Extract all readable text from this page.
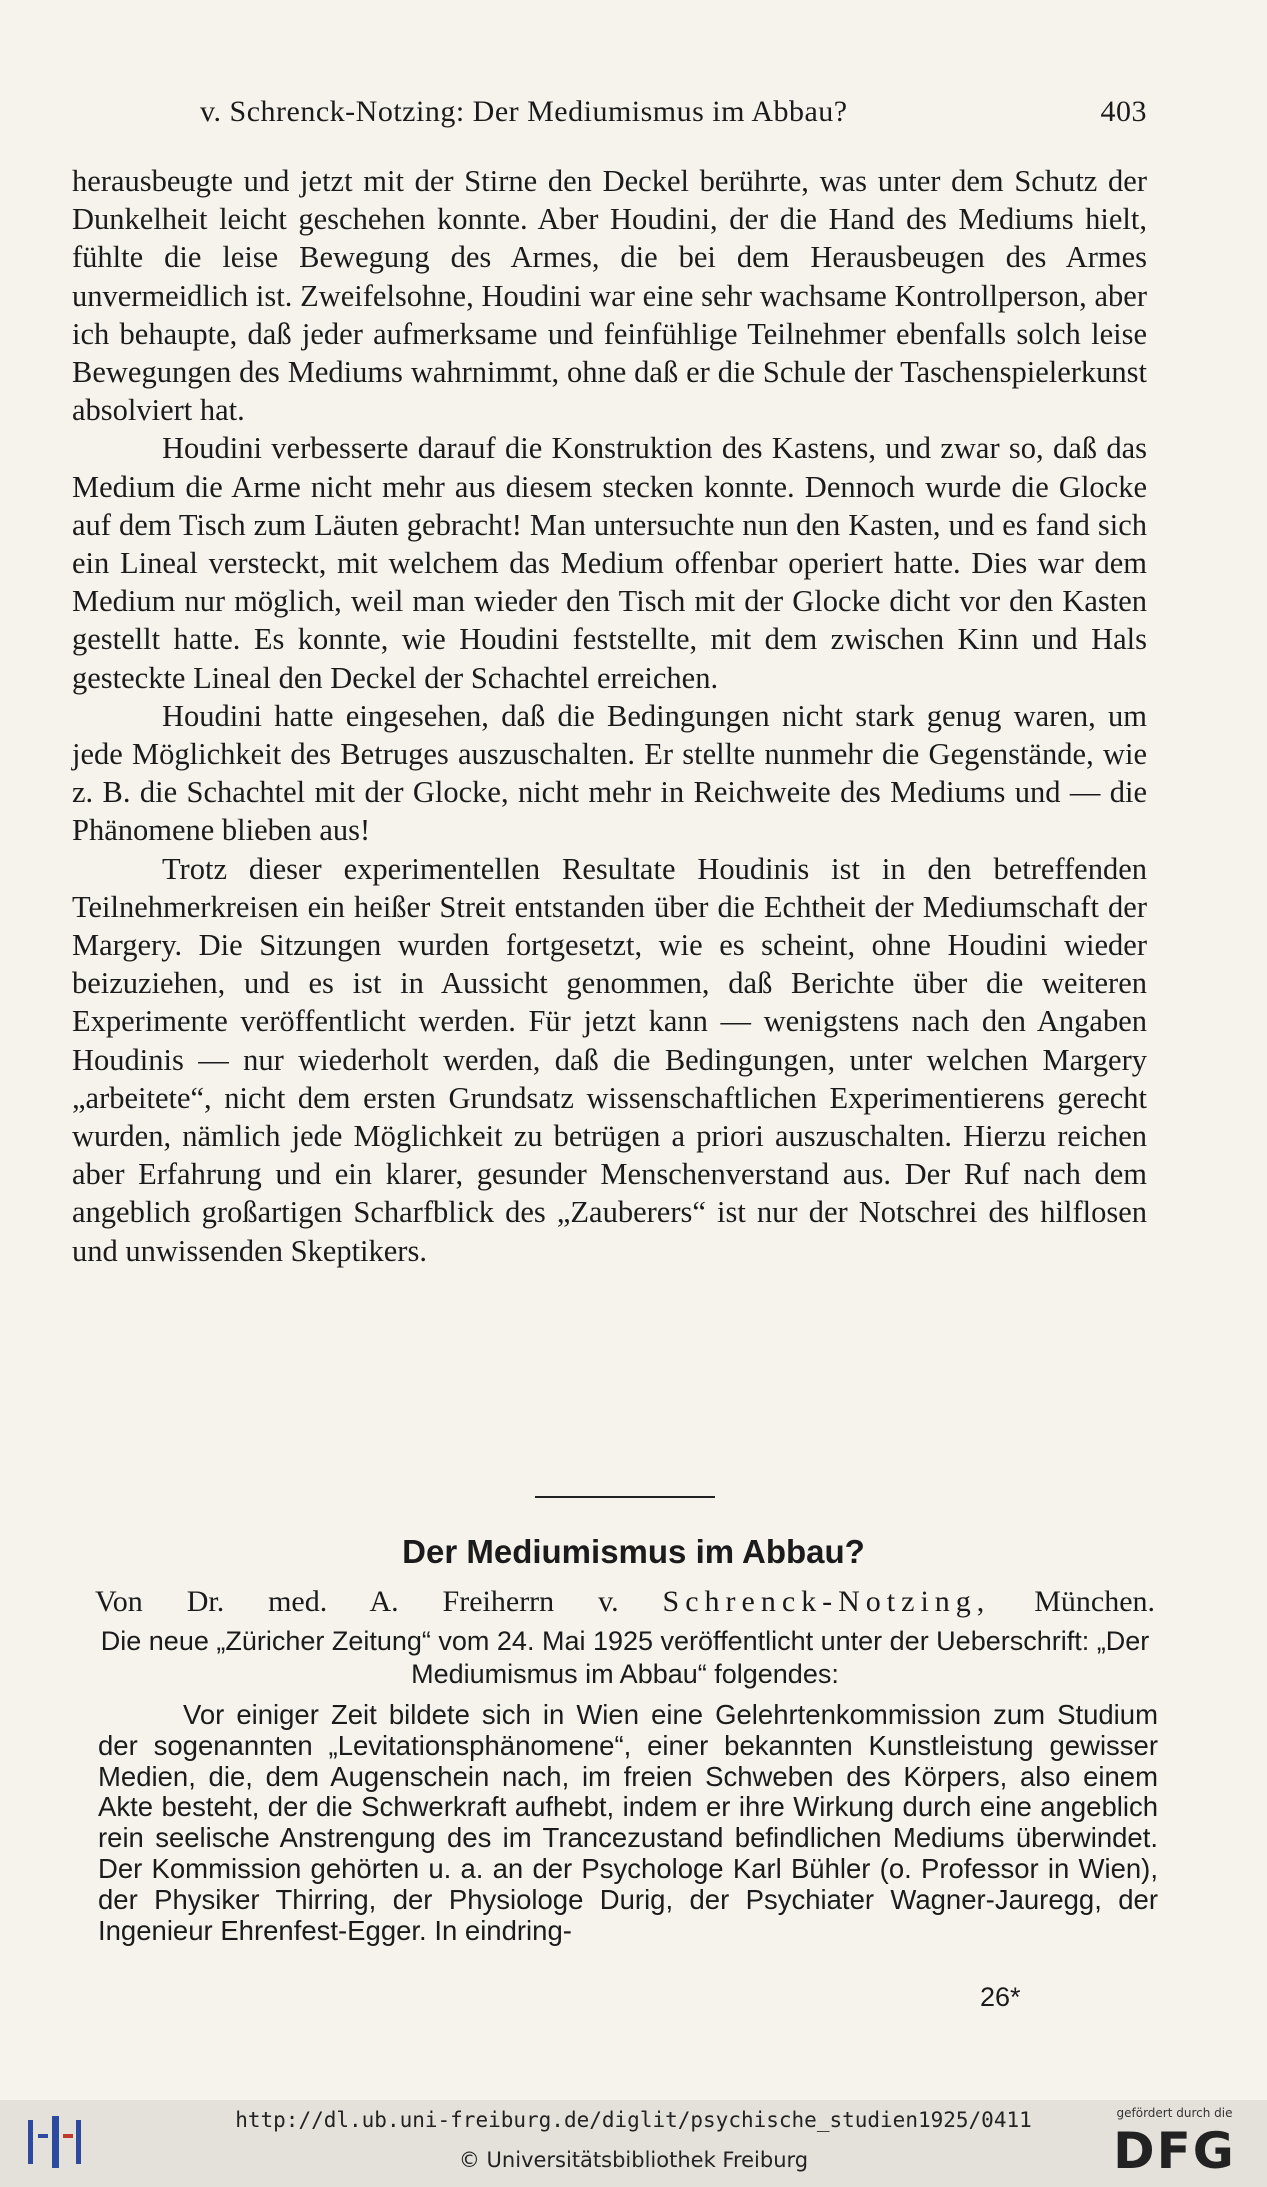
v. Schrenck-Notzing: Der Mediumismus im Abbau?	403

herausbeugte und jetzt mit der Stirne den Deckel berührte, was unter dem Schutz der Dunkelheit leicht geschehen konnte. Aber Houdini, der die Hand des Mediums hielt, fühlte die leise Bewegung des Armes, die bei dem Herausbeugen des Armes unvermeidlich ist. Zweifelsohne, Houdini war eine sehr wachsame Kontrollperson, aber ich behaupte, daß jeder aufmerksame und feinfühlige Teilnehmer ebenfalls solch leise Bewegungen des Mediums wahrnimmt, ohne daß er die Schule der Taschenspielerkunst absolviert hat.

Houdini verbesserte darauf die Konstruktion des Kastens, und zwar so, daß das Medium die Arme nicht mehr aus diesem stecken konnte. Dennoch wurde die Glocke auf dem Tisch zum Läuten gebracht! Man untersuchte nun den Kasten, und es fand sich ein Lineal versteckt, mit welchem das Medium offenbar operiert hatte. Dies war dem Medium nur möglich, weil man wieder den Tisch mit der Glocke dicht vor den Kasten gestellt hatte. Es konnte, wie Houdini feststellte, mit dem zwischen Kinn und Hals gesteckte Lineal den Deckel der Schachtel erreichen.

Houdini hatte eingesehen, daß die Bedingungen nicht stark genug waren, um jede Möglichkeit des Betruges auszuschalten. Er stellte nunmehr die Gegenstände, wie z. B. die Schachtel mit der Glocke, nicht mehr in Reichweite des Mediums und — die Phänomene blieben aus!

Trotz dieser experimentellen Resultate Houdinis ist in den betreffenden Teilnehmerkreisen ein heißer Streit entstanden über die Echtheit der Mediumschaft der Margery. Die Sitzungen wurden fortgesetzt, wie es scheint, ohne Houdini wieder beizuziehen, und es ist in Aussicht genommen, daß Berichte über die weiteren Experimente veröffentlicht werden. Für jetzt kann — wenigstens nach den Angaben Houdinis — nur wiederholt werden, daß die Bedingungen, unter welchen Margery „arbeitete“, nicht dem ersten Grundsatz wissenschaftlichen Experimentierens gerecht wurden, nämlich jede Möglichkeit zu betrügen a priori auszuschalten. Hierzu reichen aber Erfahrung und ein klarer, gesunder Menschenverstand aus. Der Ruf nach dem angeblich großartigen Scharfblick des „Zauberers“ ist nur der Notschrei des hilflosen und unwissenden Skeptikers.

Der Mediumismus im Abbau?
Von Dr. med. A. Freiherrn v. Schrenck-Notzing, München.
Die neue „Züricher Zeitung“ vom 24. Mai 1925 veröffentlicht unter der Ueberschrift: „Der Mediumismus im Abbau“ folgendes:

Vor einiger Zeit bildete sich in Wien eine Gelehrtenkommission zum Studium der sogenannten „Levitationsphänomene“, einer bekannten Kunstleistung gewisser Medien, die, dem Augenschein nach, im freien Schweben des Körpers, also einem Akte besteht, der die Schwerkraft aufhebt, indem er ihre Wirkung durch eine angeblich rein seelische Anstrengung des im Trancezustand befindlichen Mediums überwindet. Der Kommission gehörten u. a. an der Psychologe Karl Bühler (o. Professor in Wien), der Physiker Thirring, der Physiologe Durig, der Psychiater Wagner-Jauregg, der Ingenieur Ehrenfest-Egger. In eindring-

26*
http://dl.ub.uni-freiburg.de/diglit/psychische_studien1925/0411
© Universitätsbibliothek Freiburg
gefördert durch die
DFG
